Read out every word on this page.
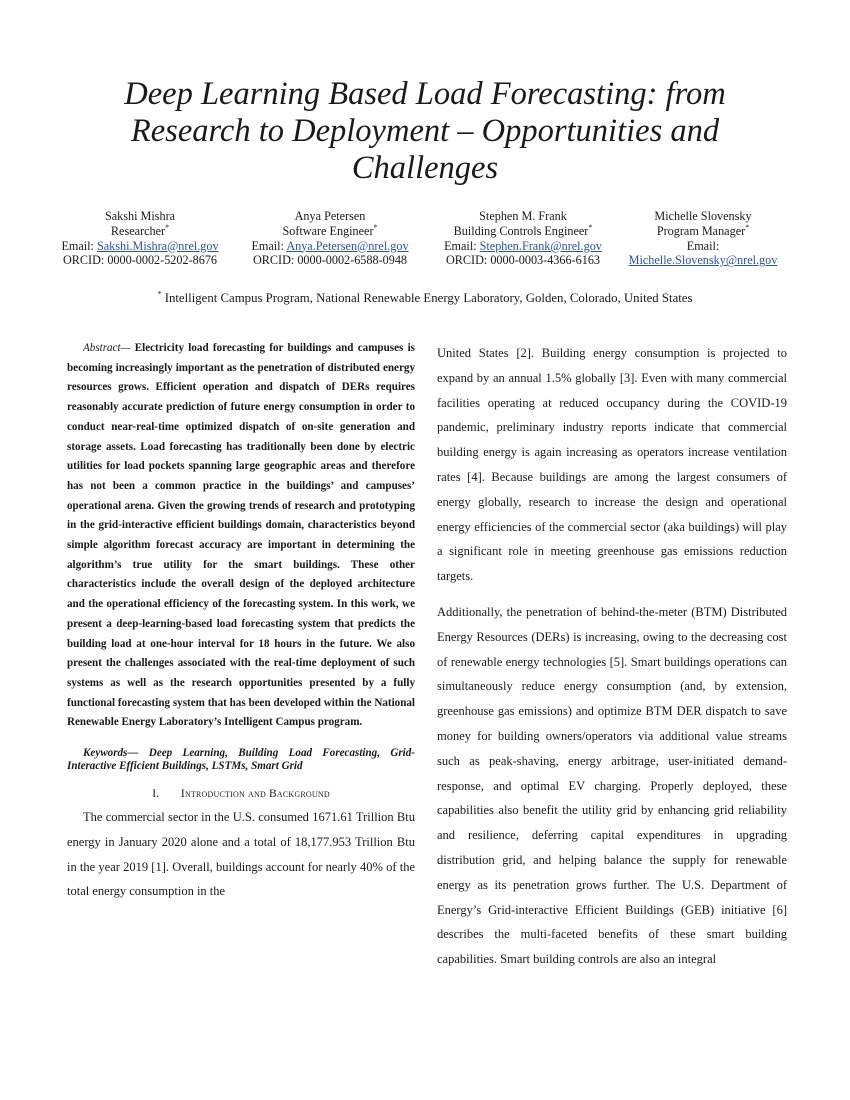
Deep Learning Based Load Forecasting: from
Research to Deployment – Opportunities and
Challenges
Sakshi Mishra
Researcher*
Email: Sakshi.Mishra@nrel.gov
ORCID: 0000-0002-5202-8676
Anya Petersen
Software Engineer*
Email: Anya.Petersen@nrel.gov
ORCID: 0000-0002-6588-0948
Stephen M. Frank
Building Controls Engineer*
Email: Stephen.Frank@nrel.gov
ORCID: 0000-0003-4366-6163
Michelle Slovensky
Program Manager*
Email:
Michelle.Slovensky@nrel.gov
* Intelligent Campus Program, National Renewable Energy Laboratory, Golden, Colorado, United States

Abstract— Electricity load forecasting for buildings and campuses is becoming increasingly important as the penetration of distributed energy resources grows. Efficient operation and dispatch of DERs requires reasonably accurate prediction of future energy consumption in order to conduct near-real-time optimized dispatch of on-site generation and storage assets. Load forecasting has traditionally been done by electric utilities for load pockets spanning large geographic areas and therefore has not been a common practice in the buildings’ and campuses’ operational arena. Given the growing trends of research and prototyping in the grid-interactive efficient buildings domain, characteristics beyond simple algorithm forecast accuracy are important in determining the algorithm’s true utility for the smart buildings. These other characteristics include the overall design of the deployed architecture and the operational efficiency of the forecasting system. In this work, we present a deep-learning-based load forecasting system that predicts the building load at one-hour interval for 18 hours in the future. We also present the challenges associated with the real-time deployment of such systems as well as the research opportunities presented by a fully functional forecasting system that has been developed within the National Renewable Energy Laboratory’s Intelligent Campus program.

Keywords— Deep Learning, Building Load Forecasting, Grid-Interactive Efficient Buildings, LSTMs, Smart Grid

I. Introduction and Background

The commercial sector in the U.S. consumed 1671.61 Trillion Btu energy in January 2020 alone and a total of 18,177.953 Trillion Btu in the year 2019 [1]. Overall, buildings account for nearly 40% of the total energy consumption in the

United States [2]. Building energy consumption is projected to expand by an annual 1.5% globally [3]. Even with many commercial facilities operating at reduced occupancy during the COVID-19 pandemic, preliminary industry reports indicate that commercial building energy is again increasing as operators increase ventilation rates [4]. Because buildings are among the largest consumers of energy globally, research to increase the design and operational energy efficiencies of the commercial sector (aka buildings) will play a significant role in meeting greenhouse gas emissions reduction targets.

Additionally, the penetration of behind-the-meter (BTM) Distributed Energy Resources (DERs) is increasing, owing to the decreasing cost of renewable energy technologies [5]. Smart buildings operations can simultaneously reduce energy consumption (and, by extension, greenhouse gas emissions) and optimize BTM DER dispatch to save money for building owners/operators via additional value streams such as peak-shaving, energy arbitrage, user-initiated demand-response, and optimal EV charging. Properly deployed, these capabilities also benefit the utility grid by enhancing grid reliability and resilience, deferring capital expenditures in upgrading distribution grid, and helping balance the supply for renewable energy as its penetration grows further. The U.S. Department of Energy’s Grid-interactive Efficient Buildings (GEB) initiative [6] describes the multi-faceted benefits of these smart building capabilities. Smart building controls are also an integral
